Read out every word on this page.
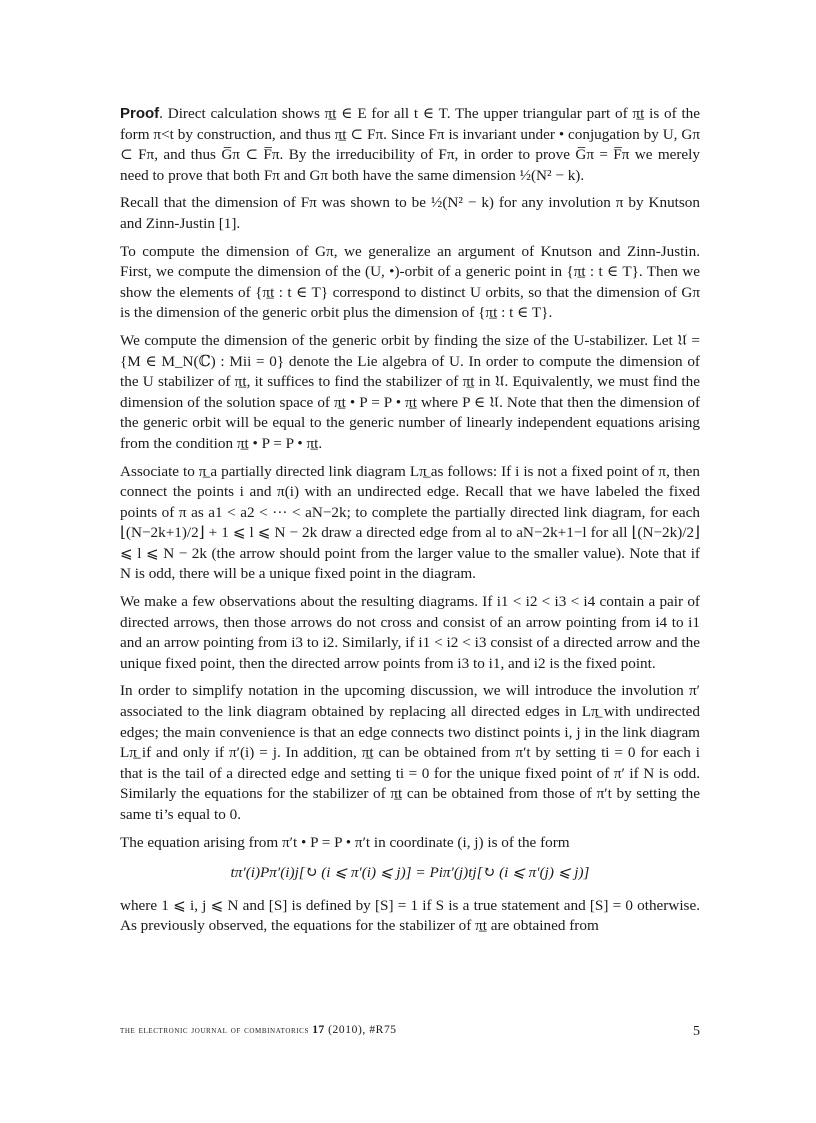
Proof. Direct calculation shows π̲t ∈ E for all t ∈ T. The upper triangular part of π̲t is of the form π<t by construction, and thus π̲t ⊂ Fπ. Since Fπ is invariant under • conjugation by U, Gπ ⊂ Fπ, and thus G̅π ⊂ F̅π. By the irreducibility of Fπ, in order to prove G̅π = F̅π we merely need to prove that both Fπ and Gπ both have the same dimension ½(N² − k).

Recall that the dimension of Fπ was shown to be ½(N² − k) for any involution π by Knutson and Zinn-Justin [1].

To compute the dimension of Gπ, we generalize an argument of Knutson and Zinn-Justin. First, we compute the dimension of the (U, •)-orbit of a generic point in {π̲t : t ∈ T}. Then we show the elements of {π̲t : t ∈ T} correspond to distinct U orbits, so that the dimension of Gπ is the dimension of the generic orbit plus the dimension of {π̲t : t ∈ T}.

We compute the dimension of the generic orbit by finding the size of the U-stabilizer. Let 𝔘 = {M ∈ M_N(ℂ) : Mii = 0} denote the Lie algebra of U. In order to compute the dimension of the U stabilizer of π̲t, it suffices to find the stabilizer of π̲t in 𝔘. Equivalently, we must find the dimension of the solution space of π̲t • P = P • π̲t where P ∈ 𝔘. Note that then the dimension of the generic orbit will be equal to the generic number of linearly independent equations arising from the condition π̲t • P = P • π̲t.

Associate to π̲ a partially directed link diagram Lπ̲ as follows: If i is not a fixed point of π, then connect the points i and π(i) with an undirected edge. Recall that we have labeled the fixed points of π as a1 < a2 < ··· < aN−2k; to complete the partially directed link diagram, for each ⌊(N−2k+1)/2⌋ + 1 ⩽ l ⩽ N − 2k draw a directed edge from al to aN−2k+1−l for all ⌊(N−2k)/2⌋ ⩽ l ⩽ N − 2k (the arrow should point from the larger value to the smaller value). Note that if N is odd, there will be a unique fixed point in the diagram.

We make a few observations about the resulting diagrams. If i1 < i2 < i3 < i4 contain a pair of directed arrows, then those arrows do not cross and consist of an arrow pointing from i4 to i1 and an arrow pointing from i3 to i2. Similarly, if i1 < i2 < i3 consist of a directed arrow and the unique fixed point, then the directed arrow points from i3 to i1, and i2 is the fixed point.

In order to simplify notation in the upcoming discussion, we will introduce the involution π′ associated to the link diagram obtained by replacing all directed edges in Lπ̲ with undirected edges; the main convenience is that an edge connects two distinct points i, j in the link diagram Lπ̲ if and only if π′(i) = j. In addition, π̲t can be obtained from π′t by setting ti = 0 for each i that is the tail of a directed edge and setting ti = 0 for the unique fixed point of π′ if N is odd. Similarly the equations for the stabilizer of π̲t can be obtained from those of π′t by setting the same ti’s equal to 0.

The equation arising from π′t • P = P • π′t in coordinate (i, j) is of the form

tπ′(i)Pπ′(i)j[↻ (i ⩽ π′(i) ⩽ j)] = Piπ′(j)tj[↻ (i ⩽ π′(j) ⩽ j)]

where 1 ⩽ i, j ⩽ N and [S] is defined by [S] = 1 if S is a true statement and [S] = 0 otherwise. As previously observed, the equations for the stabilizer of π̲t are obtained from

the electronic journal of combinatorics 17 (2010), #R75	5
